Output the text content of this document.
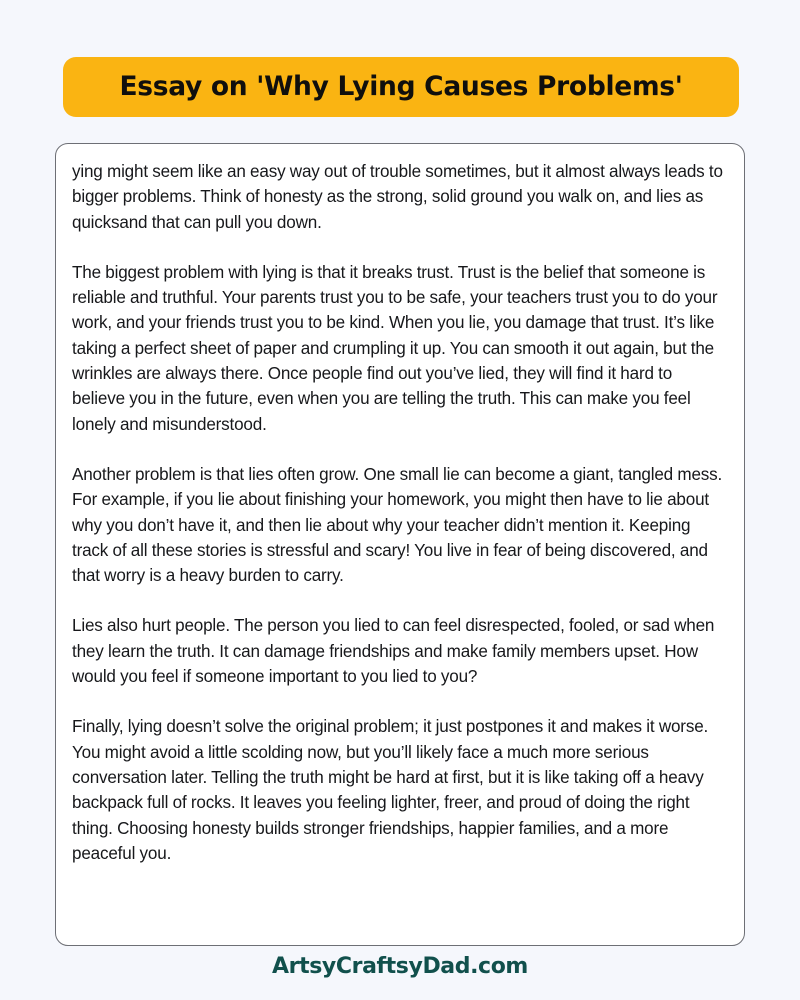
Essay on 'Why Lying Causes Problems'

ying might seem like an easy way out of trouble sometimes, but it almost always leads to bigger problems. Think of honesty as the strong, solid ground you walk on, and lies as quicksand that can pull you down.

The biggest problem with lying is that it breaks trust. Trust is the belief that someone is reliable and truthful. Your parents trust you to be safe, your teachers trust you to do your work, and your friends trust you to be kind. When you lie, you damage that trust. It’s like taking a perfect sheet of paper and crumpling it up. You can smooth it out again, but the wrinkles are always there. Once people find out you’ve lied, they will find it hard to believe you in the future, even when you are telling the truth. This can make you feel lonely and misunderstood.

Another problem is that lies often grow. One small lie can become a giant, tangled mess. For example, if you lie about finishing your homework, you might then have to lie about why you don’t have it, and then lie about why your teacher didn’t mention it. Keeping track of all these stories is stressful and scary! You live in fear of being discovered, and that worry is a heavy burden to carry.

Lies also hurt people. The person you lied to can feel disrespected, fooled, or sad when they learn the truth. It can damage friendships and make family members upset. How would you feel if someone important to you lied to you?

Finally, lying doesn’t solve the original problem; it just postpones it and makes it worse. You might avoid a little scolding now, but you’ll likely face a much more serious conversation later. Telling the truth might be hard at first, but it is like taking off a heavy backpack full of rocks. It leaves you feeling lighter, freer, and proud of doing the right thing. Choosing honesty builds stronger friendships, happier families, and a more peaceful you.

ArtsyCraftsyDad.com
